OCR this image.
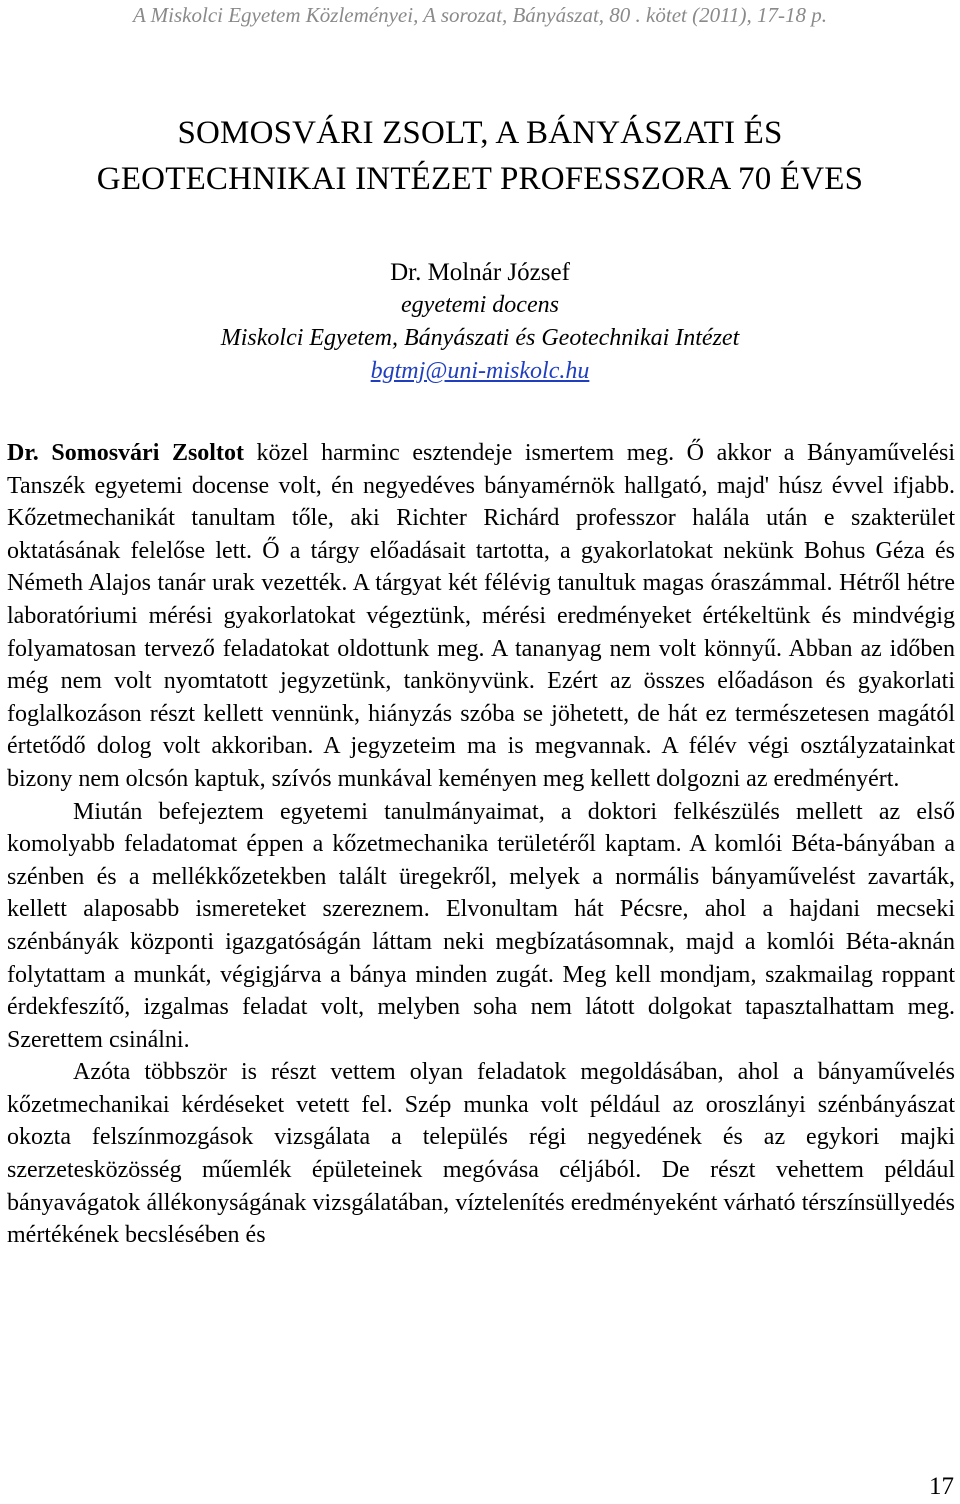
A Miskolci Egyetem Közleményei, A sorozat, Bányászat, 80 . kötet (2011), 17-18 p.
SOMOSVÁRI ZSOLT, A BÁNYÁSZATI ÉS
GEOTECHNIKAI INTÉZET PROFESSZORA 70 ÉVES
Dr. Molnár József
egyetemi docens
Miskolci Egyetem, Bányászati és Geotechnikai Intézet
bgtmj@uni-miskolc.hu

Dr. Somosvári Zsoltot közel harminc esztendeje ismertem meg. Ő akkor a Bányaművelési Tanszék egyetemi docense volt, én negyedéves bányamérnök hallgató, majd' húsz évvel ifjabb. Kőzetmechanikát tanultam tőle, aki Richter Richárd professzor halála után e szakterület oktatásának felelőse lett. Ő a tárgy előadásait tartotta, a gyakorlatokat nekünk Bohus Géza és Németh Alajos tanár urak vezették. A tárgyat két félévig tanultuk magas óraszámmal. Hétről hétre laboratóriumi mérési gyakorlatokat végeztünk, mérési eredményeket értékeltünk és mindvégig folyamatosan tervező feladatokat oldottunk meg. A tananyag nem volt könnyű. Abban az időben még nem volt nyomtatott jegyzetünk, tankönyvünk. Ezért az összes előadáson és gyakorlati foglalkozáson részt kellett vennünk, hiányzás szóba se jöhetett, de hát ez természetesen magától értetődő dolog volt akkoriban. A jegyzeteim ma is megvannak. A félév végi osztályzatainkat bizony nem olcsón kaptuk, szívós munkával keményen meg kellett dolgozni az eredményért.

Miután befejeztem egyetemi tanulmányaimat, a doktori felkészülés mellett az első komolyabb feladatomat éppen a kőzetmechanika területéről kaptam. A komlói Béta-bányában a szénben és a mellékkőzetekben talált üregekről, melyek a normális bányaművelést zavarták, kellett alaposabb ismereteket szereznem. Elvonultam hát Pécsre, ahol a hajdani mecseki szénbányák központi igazgatóságán láttam neki megbízatásomnak, majd a komlói Béta-aknán folytattam a munkát, végigjárva a bánya minden zugát. Meg kell mondjam, szakmailag roppant érdekfeszítő, izgalmas feladat volt, melyben soha nem látott dolgokat tapasztalhattam meg. Szerettem csinálni.

Azóta többször is részt vettem olyan feladatok megoldásában, ahol a bányaművelés kőzetmechanikai kérdéseket vetett fel. Szép munka volt például az oroszlányi szénbányászat okozta felszínmozgások vizsgálata a település régi negyedének és az egykori majki szerzetesközösség műemlék épületeinek megóvása céljából. De részt vehettem például bányavágatok állékonyságának vizsgálatában, víztelenítés eredményeként várható térszínsüllyedés mértékének becslésében és

17
